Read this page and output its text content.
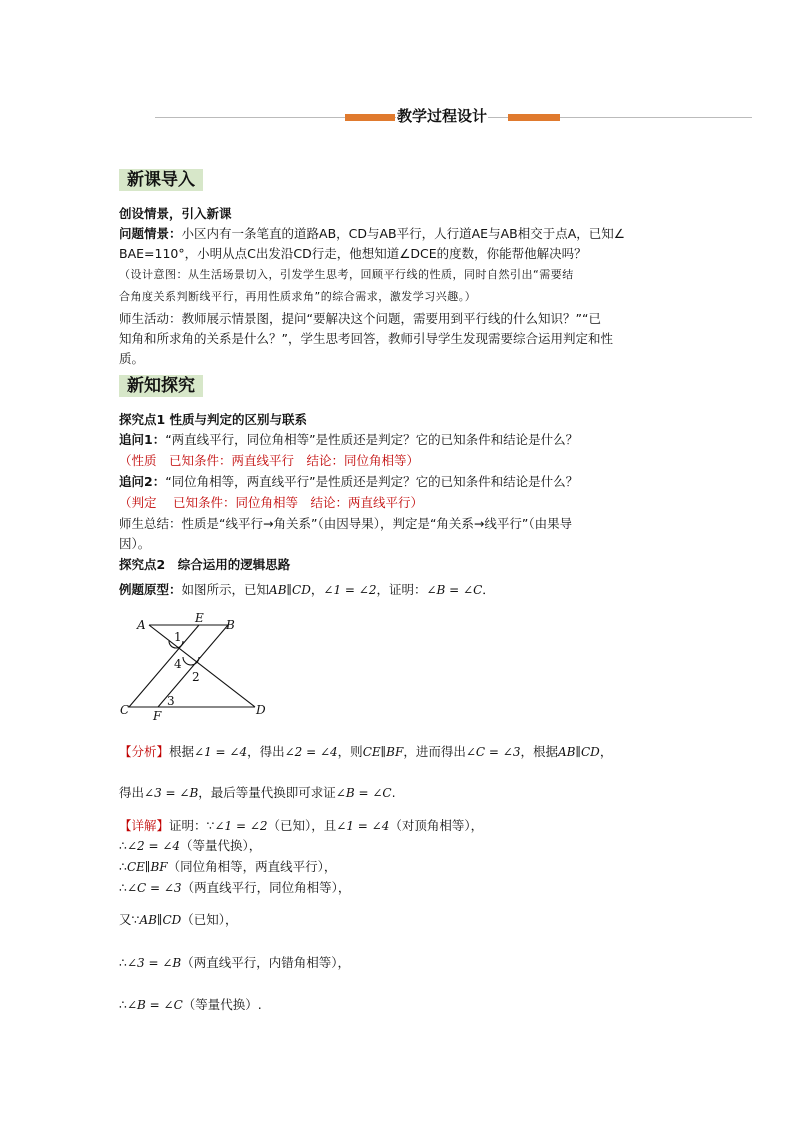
教学过程设计
新课导入
创设情景，引入新课
问题情景：小区内有一条笔直的道路AB，CD与AB平行，人行道AE与AB相交于点A，已知∠
BAE=110°，小明从点C出发沿CD行走，他想知道∠DCE的度数，你能帮他解决吗？
（设计意图：从生活场景切入，引发学生思考，回顾平行线的性质，同时自然引出“需要结
合角度关系判断线平行，再用性质求角”的综合需求，激发学习兴趣。）
师生活动：教师展示情景图，提问“要解决这个问题，需要用到平行线的什么知识？”“已
知角和所求角的关系是什么？”，学生思考回答，教师引导学生发现需要综合运用判定和性
质。
新知探究
探究点1 性质与判定的区别与联系
追问1：“两直线平行，同位角相等”是性质还是判定？它的已知条件和结论是什么？
（性质　已知条件：两直线平行　结论：同位角相等）
追问2：“同位角相等，两直线平行”是性质还是判定？它的已知条件和结论是什么？
（判定　 已知条件：同位角相等　结论：两直线平行）
师生总结：性质是“线平行→角关系”（由因导果），判定是“角关系→线平行”（由果导
因）。
探究点2　综合运用的逻辑思路
例题原型：如图所示，已知AB∥CD，∠1 = ∠2，证明：∠B = ∠C．
A	E B
C F	D
1
4
2
3
【分析】根据∠1 = ∠4，得出∠2 = ∠4，则CE∥BF，进而得出∠C = ∠3，根据AB∥CD，
得出∠3 = ∠B，最后等量代换即可求证∠B = ∠C.
【详解】证明：∵∠1 = ∠2（已知），且∠1 = ∠4（对顶角相等），
∴∠2 = ∠4（等量代换），
∴CE∥BF（同位角相等，两直线平行），
∴∠C = ∠3（两直线平行，同位角相等），
又∵AB∥CD（已知），
∴∠3 = ∠B（两直线平行，内错角相等），
∴∠B = ∠C（等量代换）.
